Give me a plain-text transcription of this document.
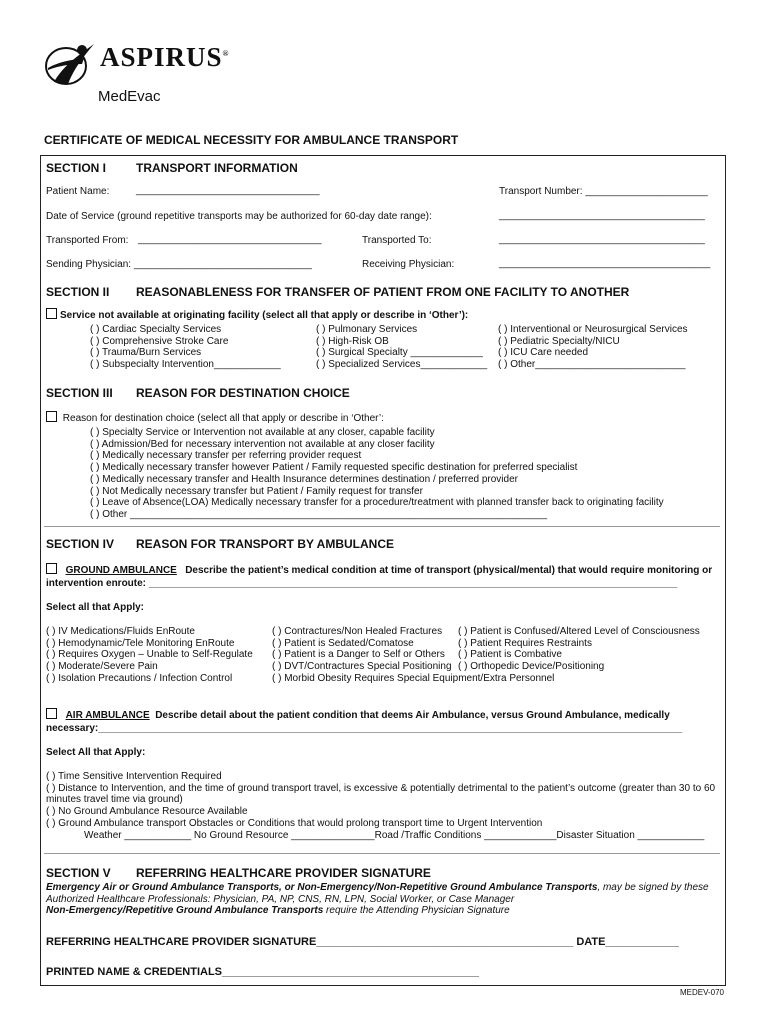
ASPIRUS®
MedEvac
CERTIFICATE OF MEDICAL NECESSITY FOR AMBULANCE TRANSPORT
SECTION I TRANSPORT INFORMATION
Patient Name:	_________________________________	Transport Number: ______________________
Date of Service (ground repetitive transports may be authorized for 60-day date range):	_____________________________________
Transported From: _________________________________	Transported To:	_____________________________________
Sending Physician: ________________________________	Receiving Physician:	______________________________________
SECTION II REASONABLENESS FOR TRANSFER OF PATIENT FROM ONE FACILITY TO ANOTHER
Service not available at originating facility (select all that apply or describe in ‘Other’):
( ) Cardiac Specialty Services
( ) Comprehensive Stroke Care
( ) Trauma/Burn Services
( ) Subspecialty Intervention____________
( ) Pulmonary Services
( ) High-Risk OB
( ) Surgical Specialty _____________
( ) Specialized Services____________
( ) Interventional or Neurosurgical Services
( ) Pediatric Specialty/NICU
( ) ICU Care needed
( ) Other___________________________
SECTION III REASON FOR DESTINATION CHOICE
Reason for destination choice (select all that apply or describe in ‘Other’:
( ) Specialty Service or Intervention not available at any closer, capable facility
( ) Admission/Bed for necessary intervention not available at any closer facility
( ) Medically necessary transfer per referring provider request
( ) Medically necessary transfer however Patient / Family requested specific destination for preferred specialist
( ) Medically necessary transfer and Health Insurance determines destination / preferred provider
( ) Not Medically necessary transfer but Patient / Family request for transfer
( ) Leave of Absence(LOA) Medically necessary transfer for a procedure/treatment with planned transfer back to originating facility
( ) Other ___________________________________________________________________________
SECTION IV REASON FOR TRANSPORT BY AMBULANCE
GROUND AMBULANCE Describe the patient’s medical condition at time of transport (physical/mental) that would require monitoring or
intervention enroute: _______________________________________________________________________________________________
Select all that Apply:
( ) IV Medications/Fluids EnRoute
( ) Hemodynamic/Tele Monitoring EnRoute
( ) Requires Oxygen – Unable to Self-Regulate
( ) Moderate/Severe Pain
( ) Isolation Precautions / Infection Control
( ) Contractures/Non Healed Fractures
( ) Patient is Sedated/Comatose
( ) Patient is a Danger to Self or Others
( ) DVT/Contractures Special Positioning
( ) Morbid Obesity Requires Special Equipment/Extra Personnel
( ) Patient is Confused/Altered Level of Consciousness
( ) Patient Requires Restraints
( ) Patient is Combative
( ) Orthopedic Device/Positioning
AIR AMBULANCE Describe detail about the patient condition that deems Air Ambulance, versus Ground Ambulance, medically
necessary:_________________________________________________________________________________________________________
Select All that Apply:
( ) Time Sensitive Intervention Required
( ) Distance to Intervention, and the time of ground transport travel, is excessive & potentially detrimental to the patient’s outcome (greater than 30 to 60
minutes travel time via ground)
( ) No Ground Ambulance Resource Available
( ) Ground Ambulance transport Obstacles or Conditions that would prolong transport time to Urgent Intervention
Weather ____________ No Ground Resource _______________Road /Traffic Conditions _____________Disaster Situation ____________
SECTION V REFERRING HEALTHCARE PROVIDER SIGNATURE
Emergency Air or Ground Ambulance Transports, or Non-Emergency/Non-Repetitive Ground Ambulance Transports, may be signed by these
Authorized Healthcare Professionals: Physician, PA, NP, CNS, RN, LPN, Social Worker, or Case Manager
Non-Emergency/Repetitive Ground Ambulance Transports require the Attending Physician Signature
REFERRING HEALTHCARE PROVIDER SIGNATURE__________________________________________ DATE____________
PRINTED NAME & CREDENTIALS__________________________________________
MEDEV-070
